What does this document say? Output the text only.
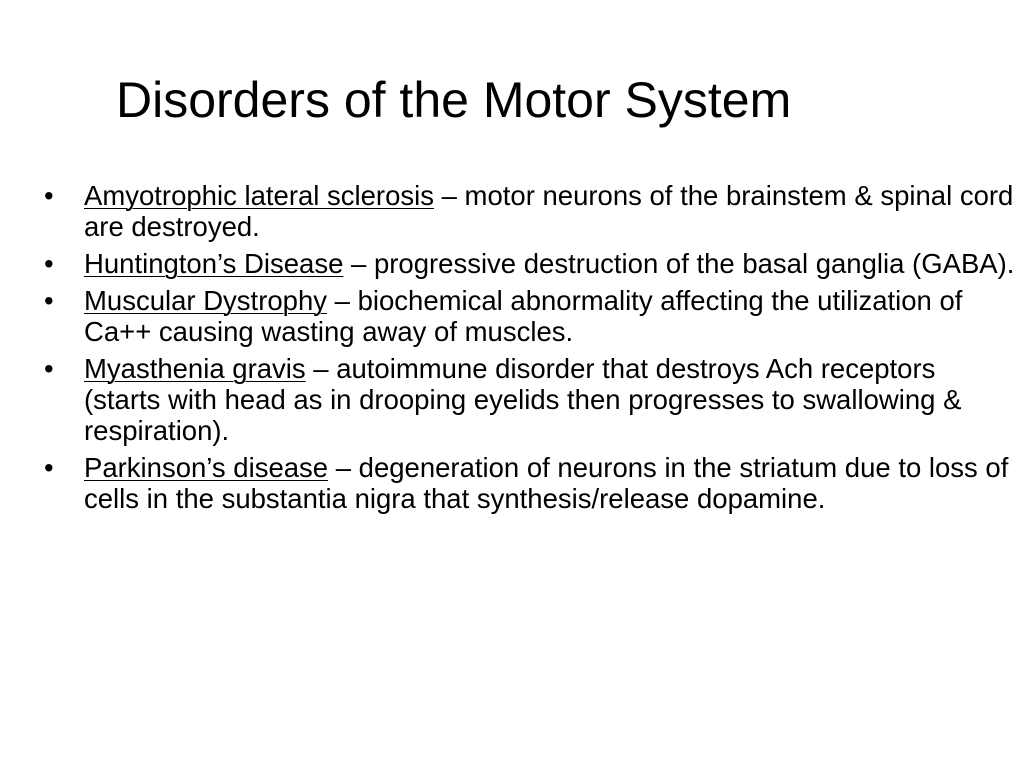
Disorders of the Motor System
•	Amyotrophic lateral sclerosis – motor neurons of the brainstem & spinal cord are destroyed.
•	Huntington’s Disease – progressive destruction of the basal ganglia (GABA).
•	Muscular Dystrophy – biochemical abnormality affecting the utilization of Ca++ causing wasting away of muscles.
•	Myasthenia gravis – autoimmune disorder that destroys Ach receptors (starts with head as in drooping eyelids then progresses to swallowing & respiration).
•	Parkinson’s disease – degeneration of neurons in the striatum due to loss of cells in the substantia nigra that synthesis/release dopamine.
